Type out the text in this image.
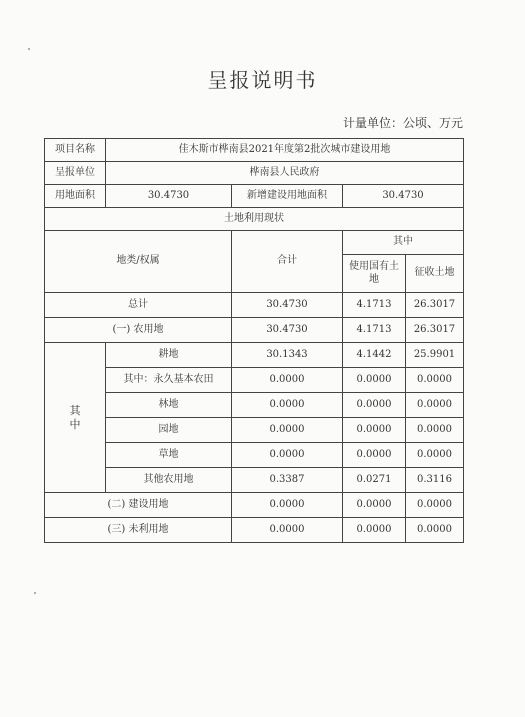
呈报说明书
计量单位：公顷、万元
项目名称	佳木斯市桦南县2021年度第2批次城市建设用地			
呈报单位	桦南县人民政府			
用地面积	30.4730	新增建设用地面积	30.4730	
土地利用现状				
地类/权属		合计	其中	
			使用国有土地	征收土地
总计		30.4730	4.1713	26.3017
(一) 农用地		30.4730	4.1713	26.3017
其中	耕地	30.1343	4.1442	25.9901
	其中：永久基本农田	0.0000	0.0000	0.0000
	林地	0.0000	0.0000	0.0000
	园地	0.0000	0.0000	0.0000
	草地	0.0000	0.0000	0.0000
	其他农用地	0.3387	0.0271	0.3116
(二) 建设用地		0.0000	0.0000	0.0000
(三) 未利用地		0.0000	0.0000	0.0000
